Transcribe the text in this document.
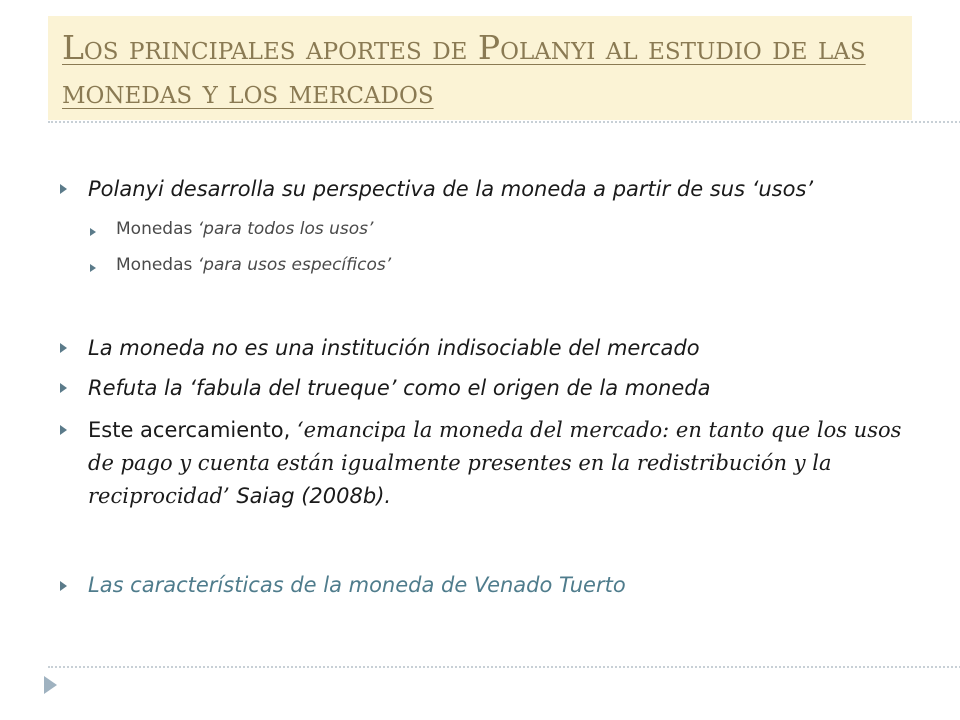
Los principales aportes de Polanyi al estudio de las monedas y los mercados

Polanyi desarrolla su perspectiva de la moneda a partir de sus ‘usos’

Monedas ‘para todos los usos’

Monedas ‘para usos específicos’

La moneda no es una institución indisociable del mercado

Refuta la ‘fabula del trueque’ como el origen de la moneda

Este acercamiento, ‘emancipa la moneda del mercado: en tanto que los usos de pago y cuenta están igualmente presentes en la redistribución y la reciprocidad’ Saiag (2008b).

Las características de la moneda de Venado Tuerto
